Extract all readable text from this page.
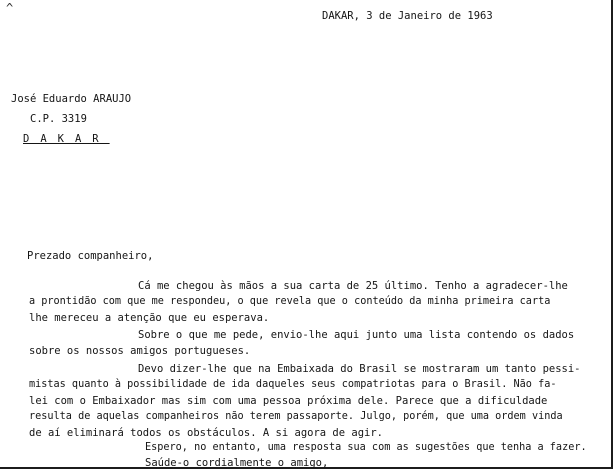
^
DAKAR, 3 de Janeiro de 1963
José Eduardo ARAUJO
C.P. 3319
DAKAR
Prezado companheiro,
Cá me chegou às mãos a sua carta de 25 último. Tenho a agradecer-lhe
a prontidão com que me respondeu, o que revela que o conteúdo da minha primeira carta
lhe mereceu a atenção que eu esperava.
Sobre o que me pede, envio-lhe aqui junto uma lista contendo os dados
sobre os nossos amigos portugueses.
Devo dizer-lhe que na Embaixada do Brasil se mostraram um tanto pessi-
mistas quanto à possibilidade de ida daqueles seus compatriotas para o Brasil. Não fa-
lei com o Embaixador mas sim com uma pessoa próxima dele. Parece que a dificuldade
resulta de aquelas companheiros não terem passaporte. Julgo, porém, que uma ordem vinda
de aí eliminará todos os obstáculos. A si agora de agir.
Espero, no entanto, uma resposta sua com as sugestões que tenha a fazer.
Saúde-o cordialmente o amigo,
